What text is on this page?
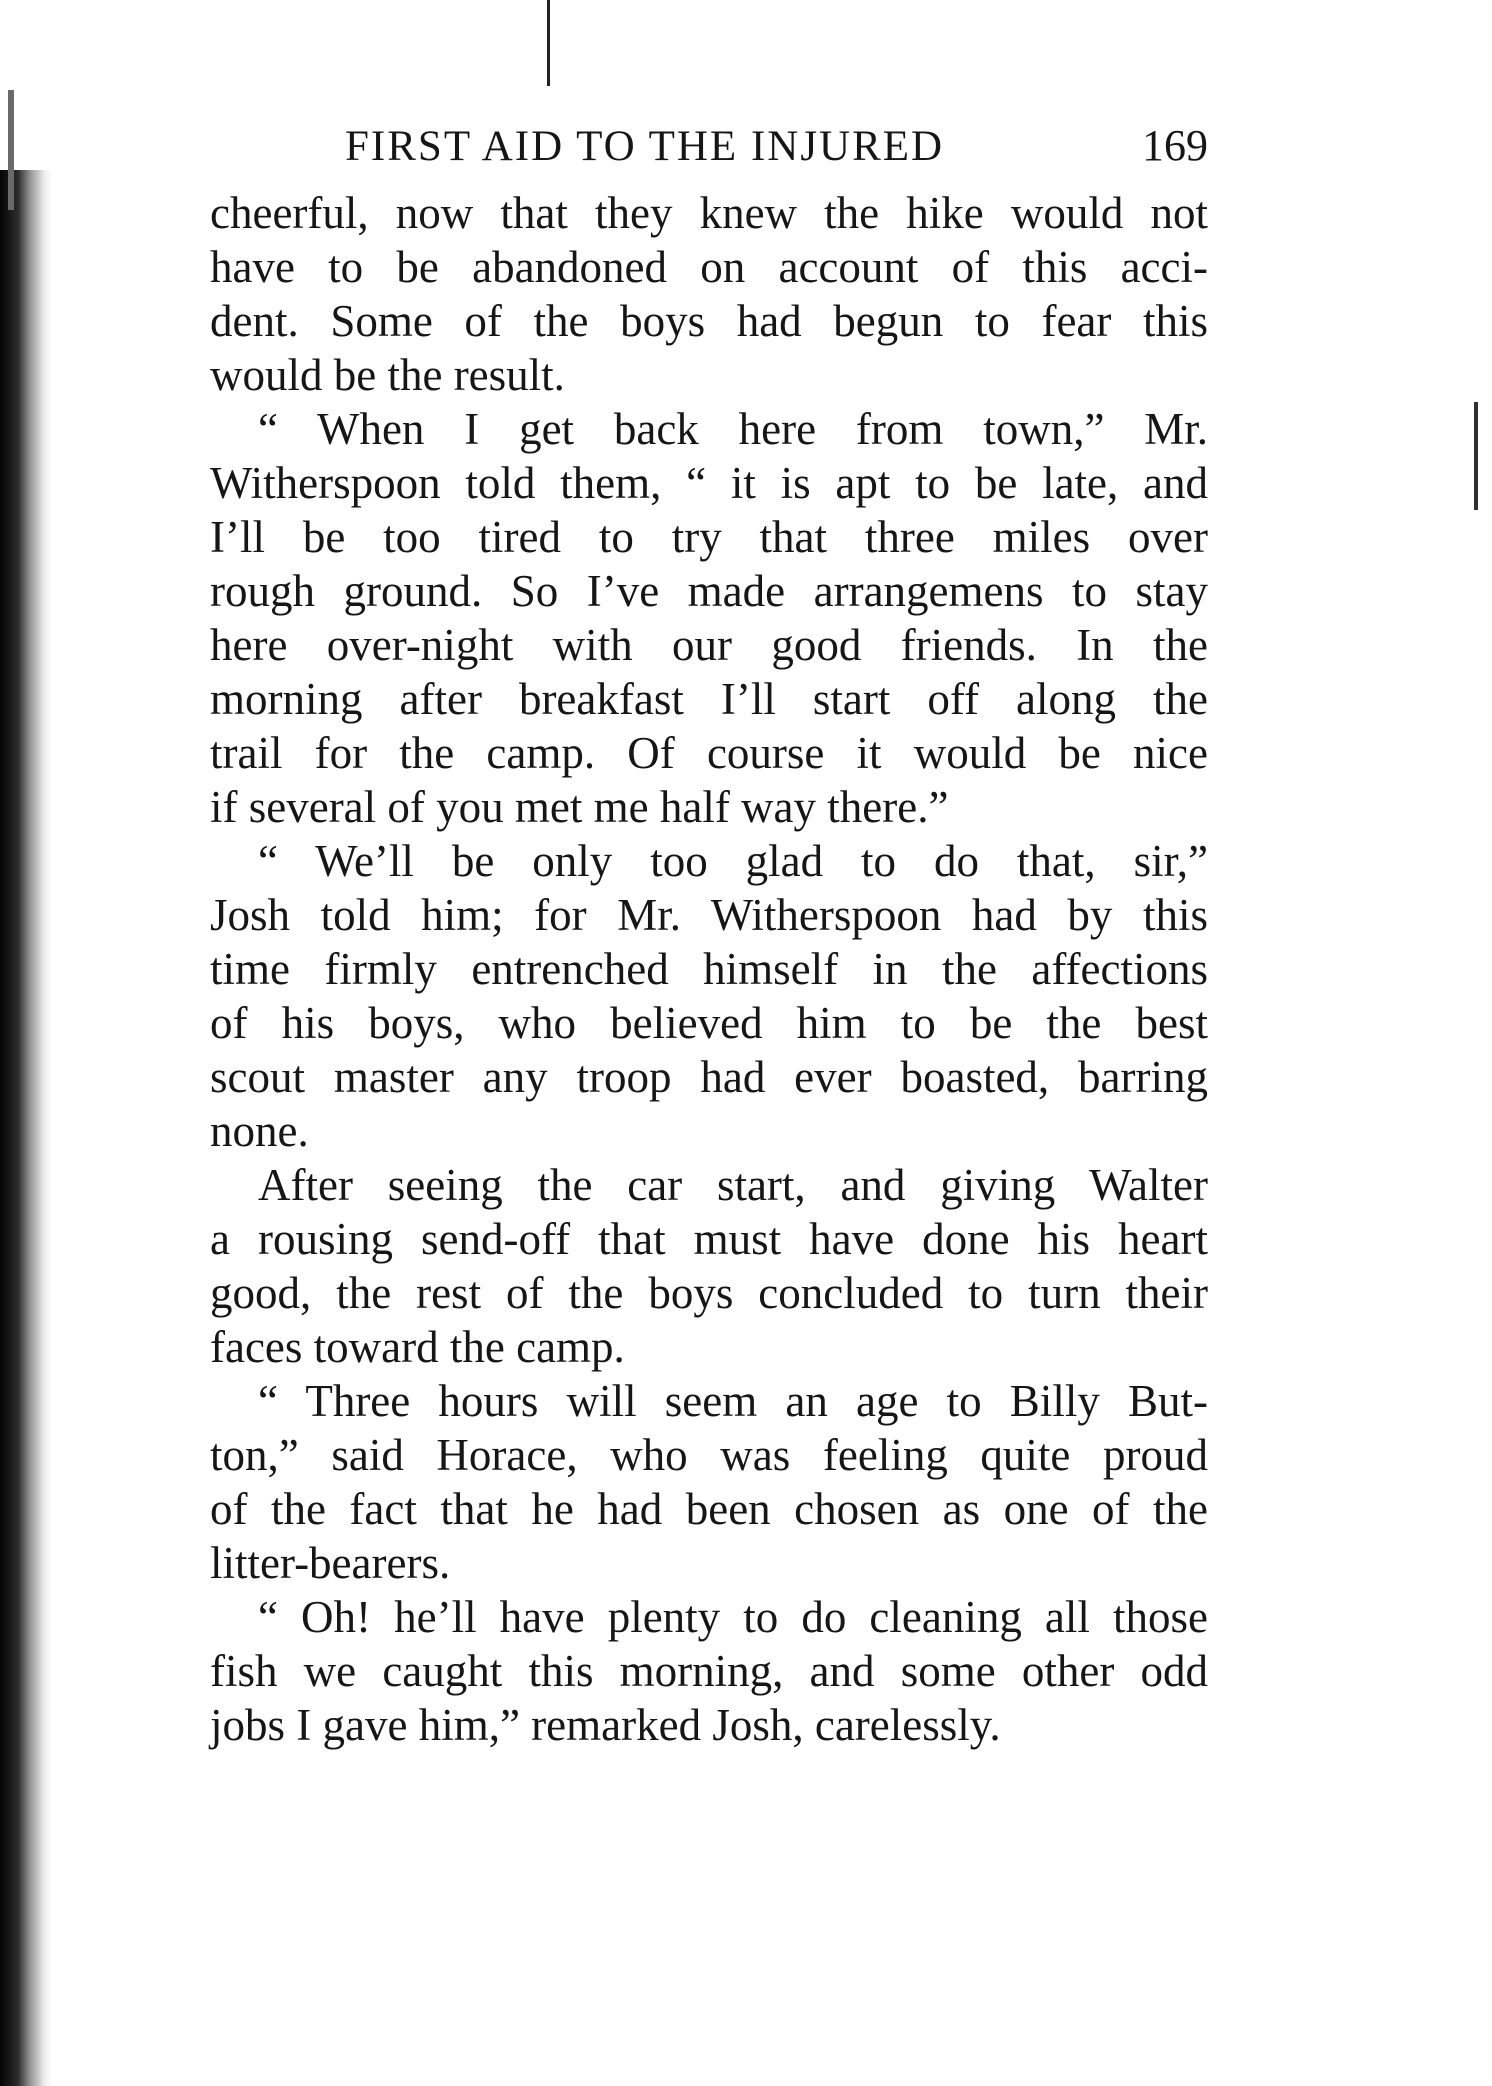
FIRST AID TO THE INJURED	169
cheerful, now that they knew the hike would not
have to be abandoned on account of this acci-
dent. Some of the boys had begun to fear this
would be the result.
“ When I get back here from town,” Mr.
Witherspoon told them, “ it is apt to be late, and
I’ll be too tired to try that three miles over
rough ground. So I’ve made arrangemens to stay
here over-night with our good friends. In the
morning after breakfast I’ll start off along the
trail for the camp. Of course it would be nice
if several of you met me half way there.”
“ We’ll be only too glad to do that, sir,”
Josh told him; for Mr. Witherspoon had by this
time firmly entrenched himself in the affections
of his boys, who believed him to be the best
scout master any troop had ever boasted, barring
none.
After seeing the car start, and giving Walter
a rousing send-off that must have done his heart
good, the rest of the boys concluded to turn their
faces toward the camp.
“ Three hours will seem an age to Billy But-
ton,” said Horace, who was feeling quite proud
of the fact that he had been chosen as one of the
litter-bearers.
“ Oh! he’ll have plenty to do cleaning all those
fish we caught this morning, and some other odd
jobs I gave him,” remarked Josh, carelessly.
